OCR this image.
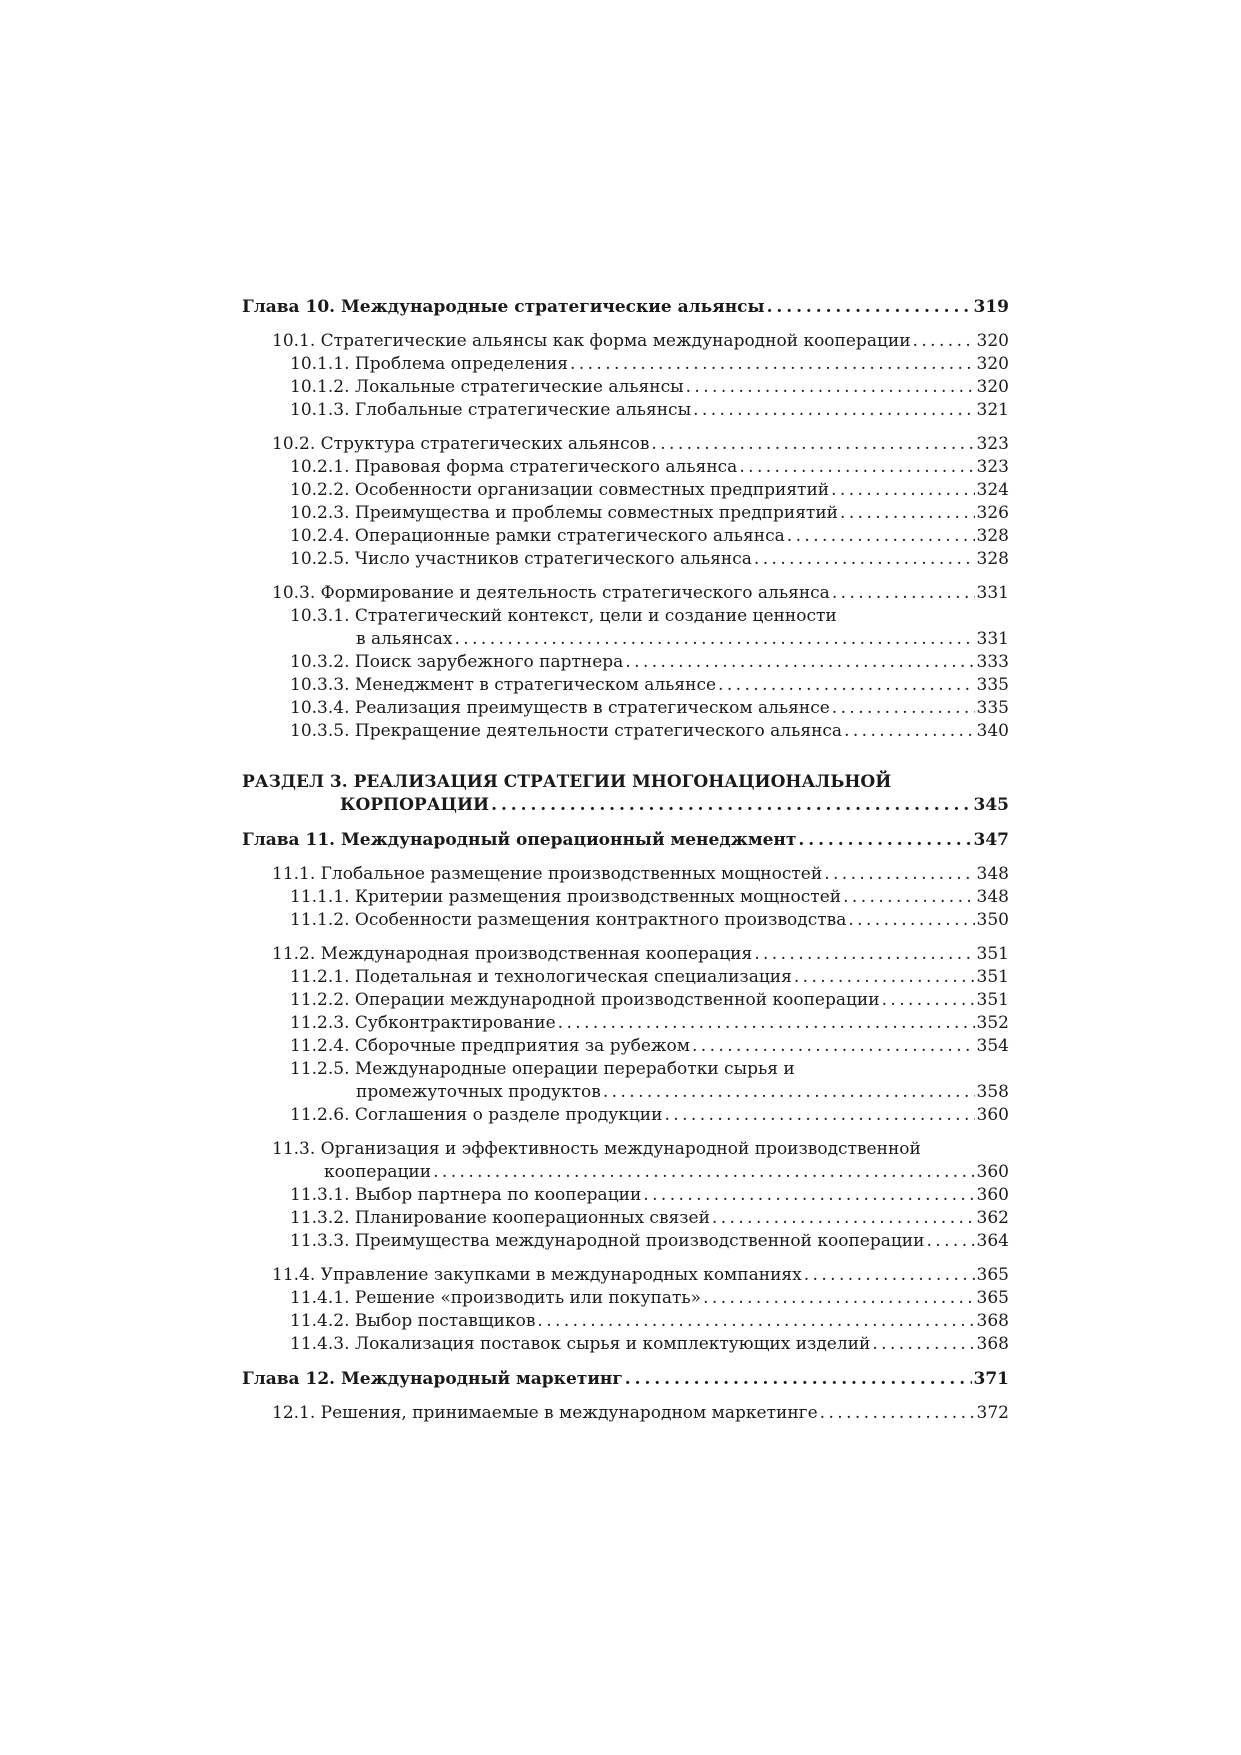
Глава 10. Международные стратегические альянсы . . .	319
10.1. Стратегические альянсы как форма международной кооперации . . .	320
10.1.1. Проблема определения . . .	320
10.1.2. Локальные стратегические альянсы . . .	320
10.1.3. Глобальные стратегические альянсы . . .	321
10.2. Структура стратегических альянсов . . .	323
10.2.1. Правовая форма стратегического альянса . . .	323
10.2.2. Особенности организации совместных предприятий . . .	324
10.2.3. Преимущества и проблемы совместных предприятий . . .	326
10.2.4. Операционные рамки стратегического альянса . . .	328
10.2.5. Число участников стратегического альянса . . .	328
10.3. Формирование и деятельность стратегического альянса . . .	331
10.3.1. Стратегический контекст, цели и создание ценности
в альянсах . . .	331
10.3.2. Поиск зарубежного партнера . . .	333
10.3.3. Менеджмент в стратегическом альянсе . . .	335
10.3.4. Реализация преимуществ в стратегическом альянсе . . .	335
10.3.5. Прекращение деятельности стратегического альянса . . .	340
РАЗДЕЛ 3. РЕАЛИЗАЦИЯ СТРАТЕГИИ МНОГОНАЦИОНАЛЬНОЙ
КОРПОРАЦИИ . . .	345
Глава 11. Международный операционный менеджмент . . .	347
11.1. Глобальное размещение производственных мощностей . . .	348
11.1.1. Критерии размещения производственных мощностей . . .	348
11.1.2. Особенности размещения контрактного производства . . .	350
11.2. Международная производственная кооперация . . .	351
11.2.1. Подетальная и технологическая специализация . . .	351
11.2.2. Операции международной производственной кооперации . . .	351
11.2.3. Субконтрактирование . . .	352
11.2.4. Сборочные предприятия за рубежом . . .	354
11.2.5. Международные операции переработки сырья и
промежуточных продуктов . . .	358
11.2.6. Соглашения о разделе продукции . . .	360
11.3. Организация и эффективность международной производственной
кооперации . . .	360
11.3.1. Выбор партнера по кооперации . . .	360
11.3.2. Планирование кооперационных связей . . .	362
11.3.3. Преимущества международной производственной кооперации . . .	364
11.4. Управление закупками в международных компаниях . . .	365
11.4.1. Решение «производить или покупать» . . .	365
11.4.2. Выбор поставщиков . . .	368
11.4.3. Локализация поставок сырья и комплектующих изделий . . .	368
Глава 12. Международный маркетинг . . .	371
12.1. Решения, принимаемые в международном маркетинге . . .	372
